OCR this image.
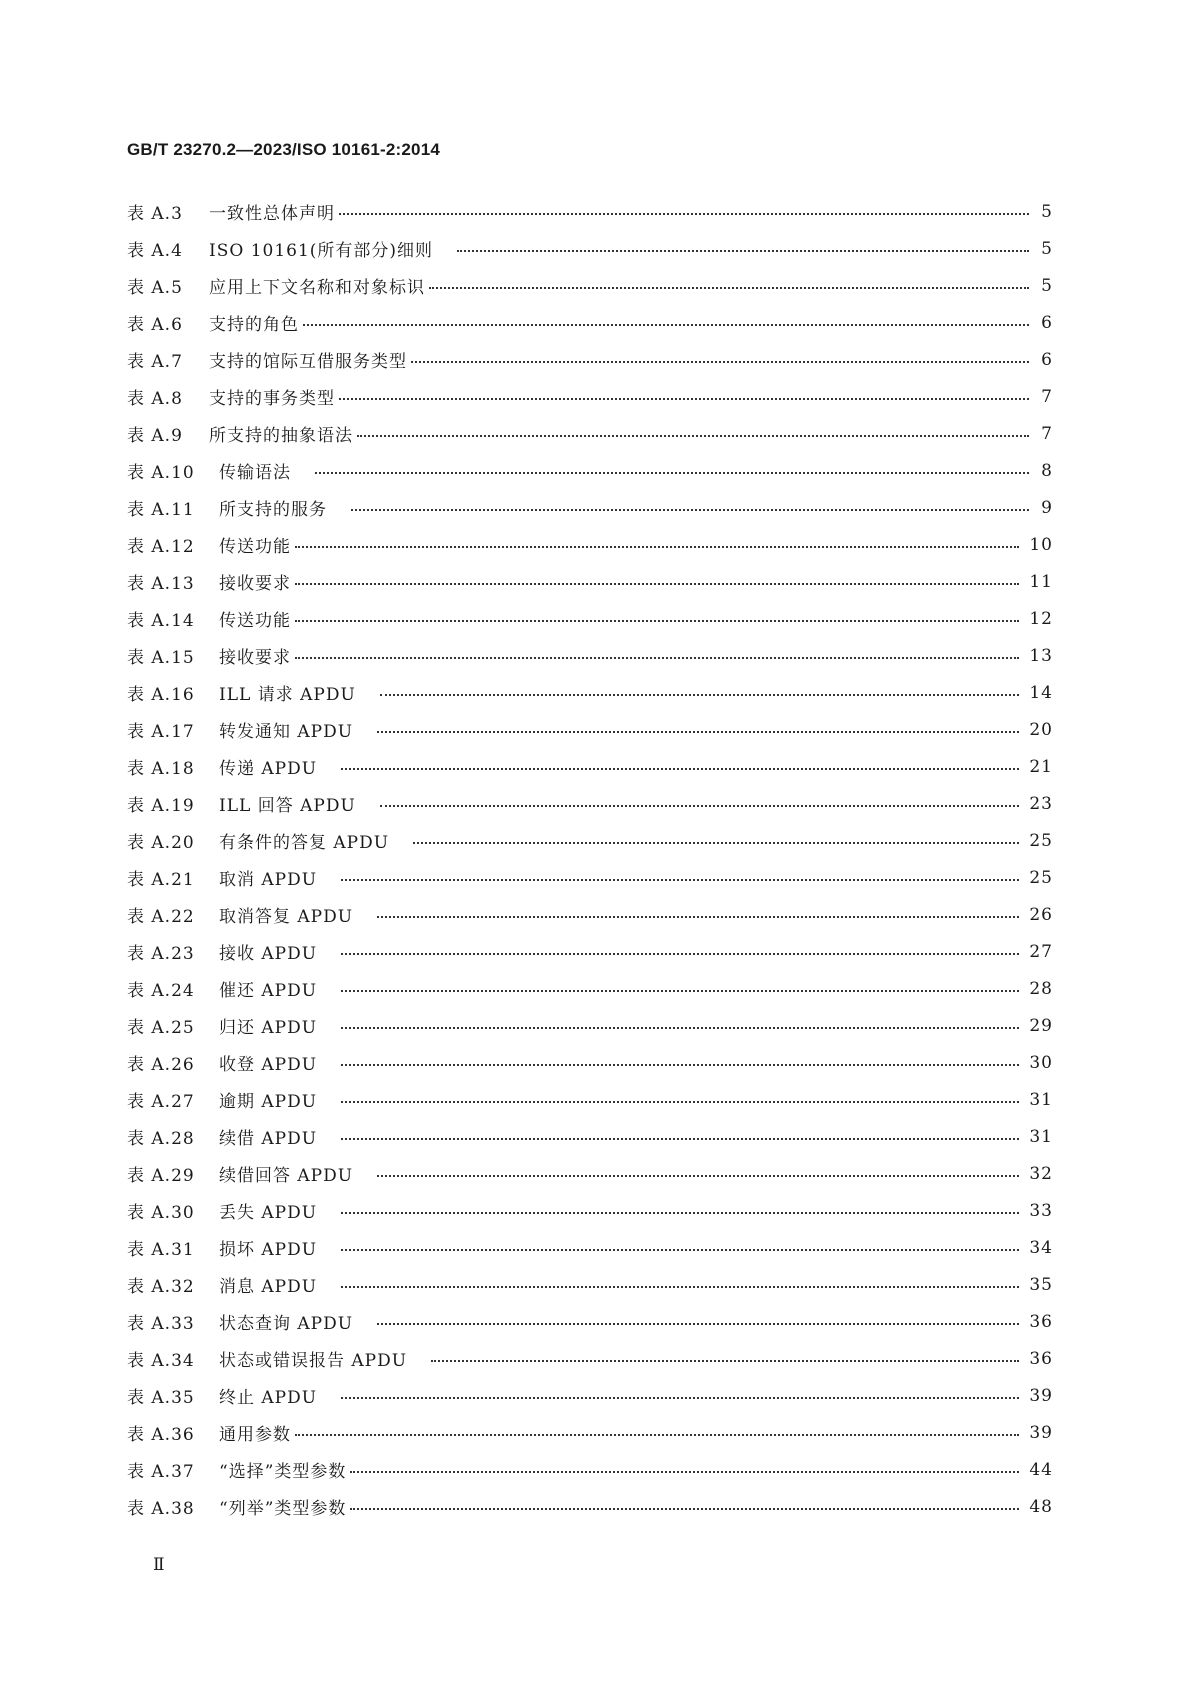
GB/T 23270.2—2023/ISO 10161-2:2014
表 A.3	一致性总体声明	5
表 A.4	ISO 10161(所有部分)细则	5
表 A.5	应用上下文名称和对象标识	5
表 A.6	支持的角色	6
表 A.7	支持的馆际互借服务类型	6
表 A.8	支持的事务类型	7
表 A.9	所支持的抽象语法	7
表 A.10	传输语法	8
表 A.11	所支持的服务	9
表 A.12	传送功能	10
表 A.13	接收要求	11
表 A.14	传送功能	12
表 A.15	接收要求	13
表 A.16	ILL 请求 APDU	14
表 A.17	转发通知 APDU	20
表 A.18	传递 APDU	21
表 A.19	ILL 回答 APDU	23
表 A.20	有条件的答复 APDU	25
表 A.21	取消 APDU	25
表 A.22	取消答复 APDU	26
表 A.23	接收 APDU	27
表 A.24	催还 APDU	28
表 A.25	归还 APDU	29
表 A.26	收登 APDU	30
表 A.27	逾期 APDU	31
表 A.28	续借 APDU	31
表 A.29	续借回答 APDU	32
表 A.30	丢失 APDU	33
表 A.31	损坏 APDU	34
表 A.32	消息 APDU	35
表 A.33	状态查询 APDU	36
表 A.34	状态或错误报告 APDU	36
表 A.35	终止 APDU	39
表 A.36	通用参数	39
表 A.37	“选择”类型参数	44
表 A.38	“列举”类型参数	48
Ⅱ
